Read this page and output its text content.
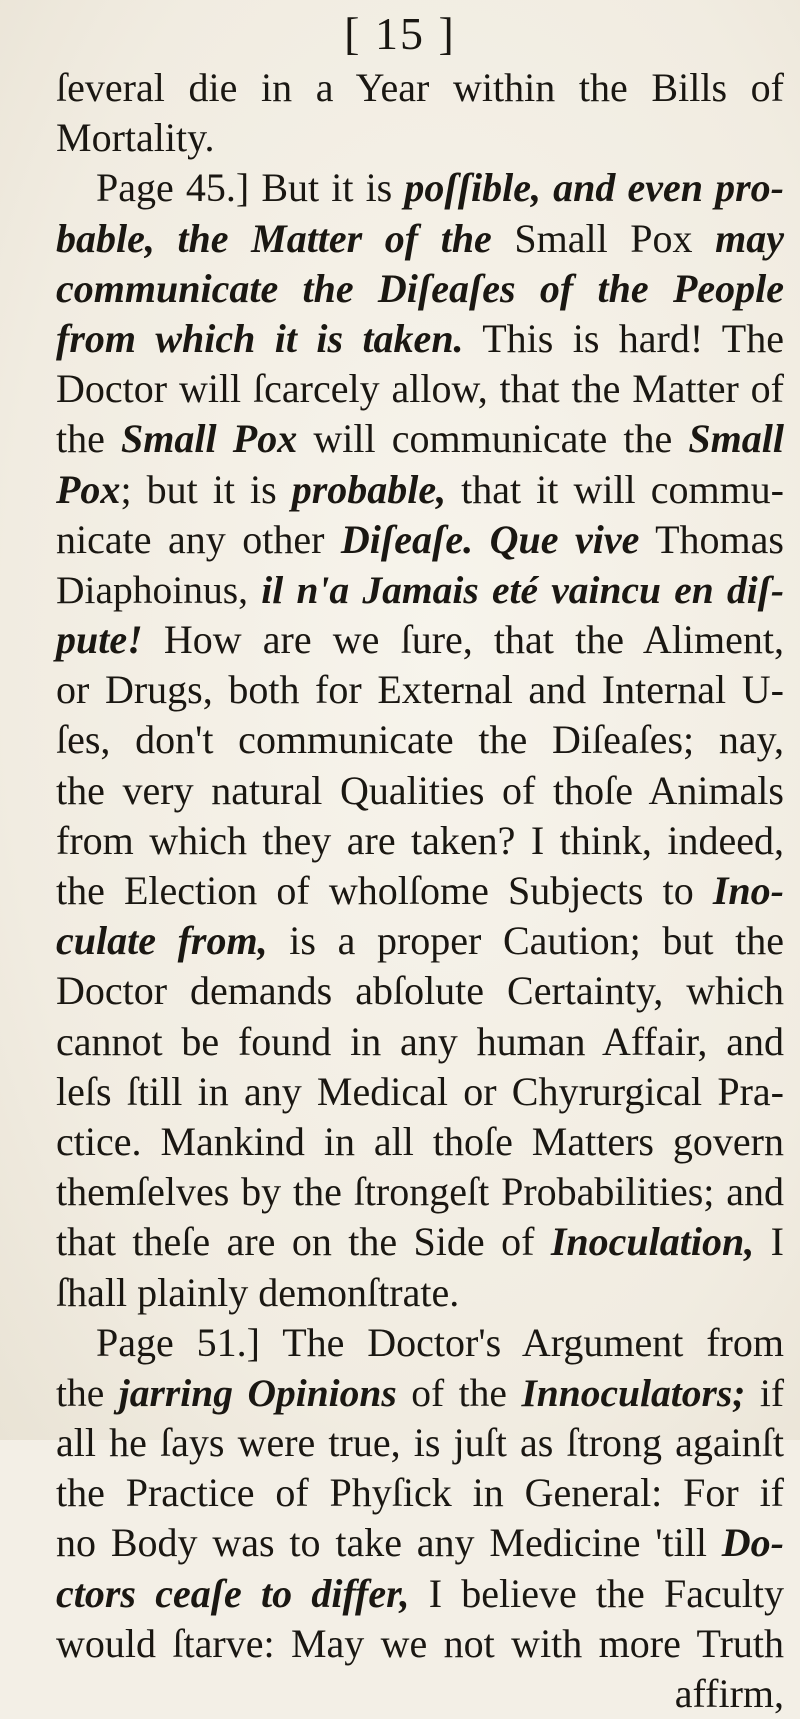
[ 15 ]
ſeveral die in a Year within the Bills of
Mortality.
Page 45.] But it is poſſible, and even pro-
bable, the Matter of the Small Pox may
communicate the Diſeaſes of the People
from which it is taken. This is hard! The
Doctor will ſcarcely allow, that the Matter of
the Small Pox will communicate the Small
Pox; but it is probable, that it will commu-
nicate any other Diſeaſe. Que vive Thomas
Diaphoinus, il n'a Jamais eté vaincu en diſ-
pute! How are we ſure, that the Aliment,
or Drugs, both for External and Internal U-
ſes, don't communicate the Diſeaſes; nay,
the very natural Qualities of thoſe Animals
from which they are taken? I think, indeed,
the Election of wholſome Subjects to Ino-
culate from, is a proper Caution; but the
Doctor demands abſolute Certainty, which
cannot be found in any human Affair, and
leſs ſtill in any Medical or Chyrurgical Pra-
ctice. Mankind in all thoſe Matters govern
themſelves by the ſtrongeſt Probabilities; and
that theſe are on the Side of Inoculation, I
ſhall plainly demonſtrate.
Page 51.] The Doctor's Argument from
the jarring Opinions of the Innoculators; if
all he ſays were true, is juſt as ſtrong againſt
the Practice of Phyſick in General: For if
no Body was to take any Medicine 'till Do-
ctors ceaſe to differ, I believe the Faculty
would ſtarve: May we not with more Truth
affirm,
